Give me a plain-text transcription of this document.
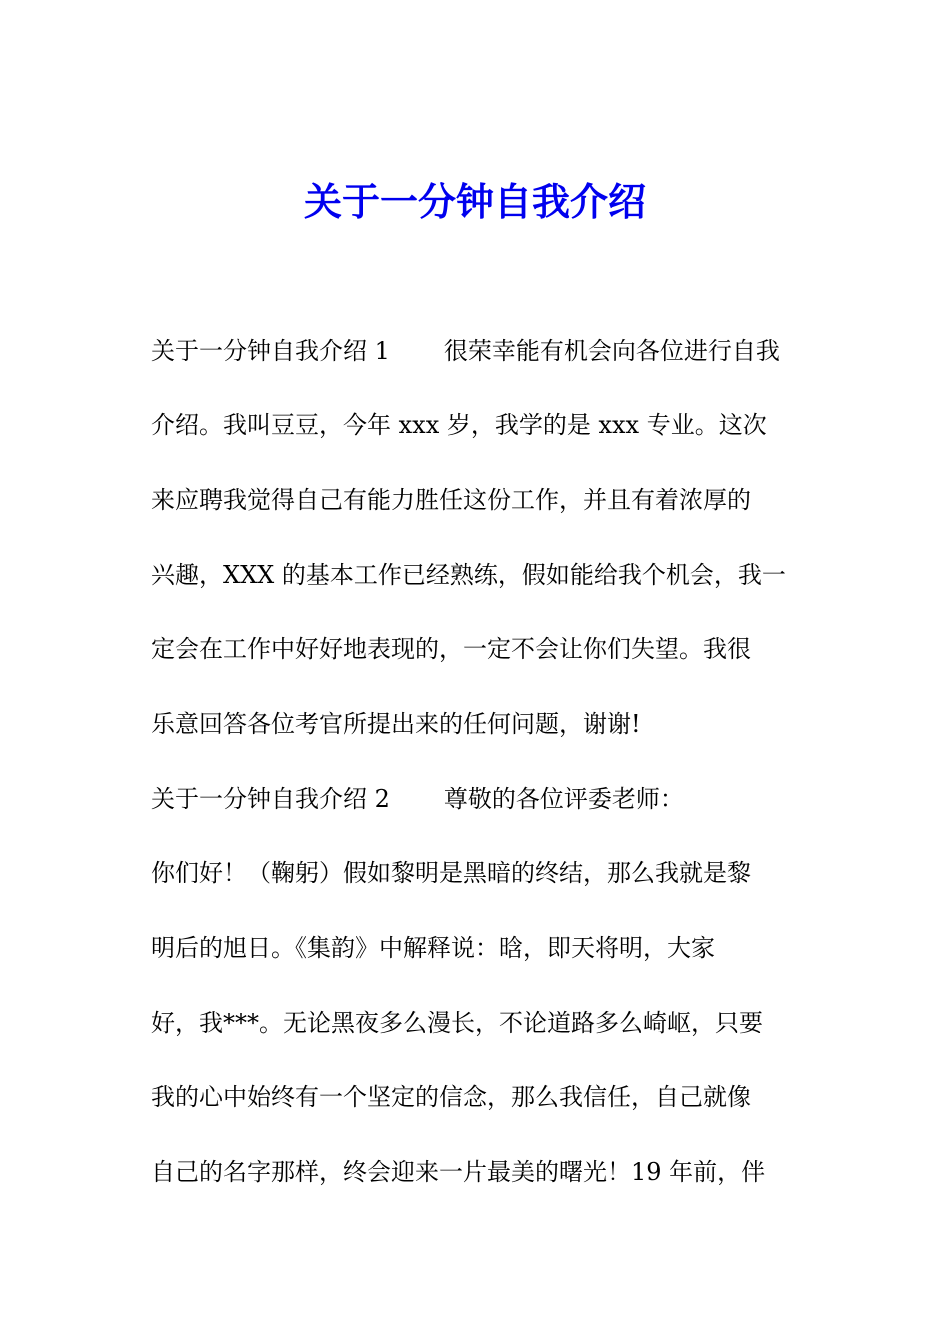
关于一分钟自我介绍

关于一分钟自我介绍 1 很荣幸能有机会向各位进行自我

介绍。我叫豆豆，今年 xxx 岁，我学的是 xxx 专业。这次

来应聘我觉得自己有能力胜任这份工作，并且有着浓厚的

兴趣，XXX 的基本工作已经熟练，假如能给我个机会，我一

定会在工作中好好地表现的，一定不会让你们失望。我很

乐意回答各位考官所提出来的任何问题，谢谢!

关于一分钟自我介绍 2 尊敬的各位评委老师：

你们好！（鞠躬）假如黎明是黑暗的终结，那么我就是黎

明后的旭日。《集韵》中解释说：晗，即天将明，大家

好，我***。无论黑夜多么漫长，不论道路多么崎岖，只要

我的心中始终有一个坚定的信念，那么我信任，自己就像

自己的名字那样，终会迎来一片最美的曙光！19 年前，伴
